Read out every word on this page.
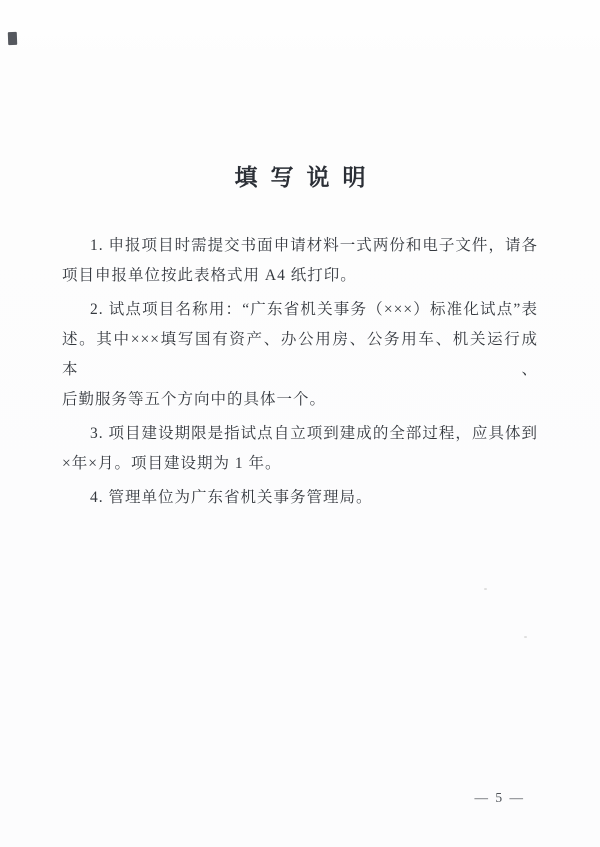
填写说明
1. 申报项目时需提交书面申请材料一式两份和电子文件，请各
项目申报单位按此表格式用 A4 纸打印。
2. 试点项目名称用：“广东省机关事务（×××）标准化试点”表
述。其中×××填写国有资产、办公用房、公务用车、机关运行成本、
后勤服务等五个方向中的具体一个。
3. 项目建设期限是指试点自立项到建成的全部过程，应具体到
×年×月。项目建设期为 1 年。
4. 管理单位为广东省机关事务管理局。
— 5 —
